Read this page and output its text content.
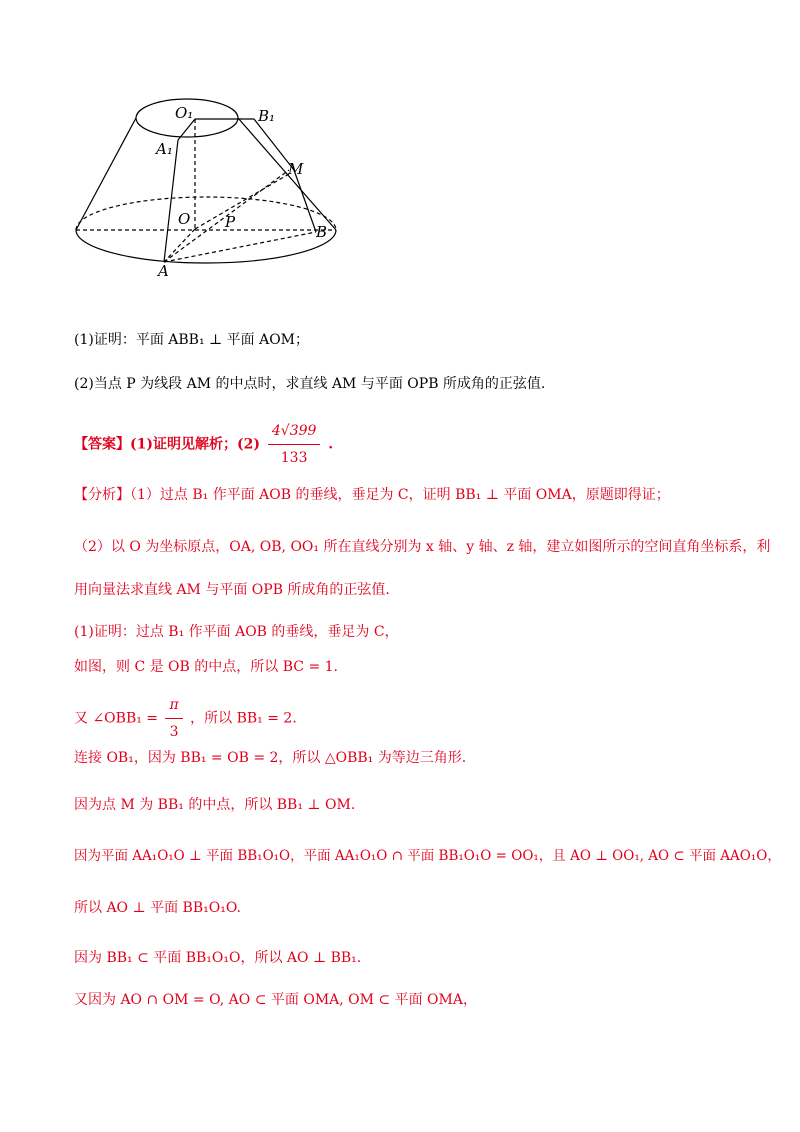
O₁	B₁
A₁
M
O P
B
A
(1)证明：平面 ABB₁ ⊥ 平面 AOM；
(2)当点 P 为线段 AM 的中点时，求直线 AM 与平面 OPB 所成角的正弦值.
【答案】(1)证明见解析；$(2) \frac{4√399}{133}$ .
【分析】（1）过点 B₁ 作平面 AOB 的垂线，垂足为 C，证明 BB₁ ⊥ 平面 OMA，原题即得证；
（2）以 O 为坐标原点，OA, OB, OO₁ 所在直线分别为 x 轴、y 轴、z 轴，建立如图所示的空间直角坐标系，利
用向量法求直线 AM 与平面 OPB 所成角的正弦值.
(1)证明：过点 B₁ 作平面 AOB 的垂线，垂足为 C，
如图，则 C 是 OB 的中点，所以 BC = 1.
又 ∠OBB₁ = $\frac{\pi}{3}$ ，所以 BB₁ = 2.
连接 OB₁，因为 BB₁ = OB = 2，所以 △OBB₁ 为等边三角形.
因为点 M 为 BB₁ 的中点，所以 BB₁ ⊥ OM.
因为平面 AA₁O₁O ⊥ 平面 BB₁O₁O，平面 AA₁O₁O ∩ 平面 BB₁O₁O = OO₁，且 AO ⊥ OO₁, AO ⊂ 平面 AAO₁O，
所以 AO ⊥ 平面 BB₁O₁O.
因为 BB₁ ⊂ 平面 BB₁O₁O，所以 AO ⊥ BB₁.
又因为 AO ∩ OM = O, AO ⊂ 平面 OMA, OM ⊂ 平面 OMA，
